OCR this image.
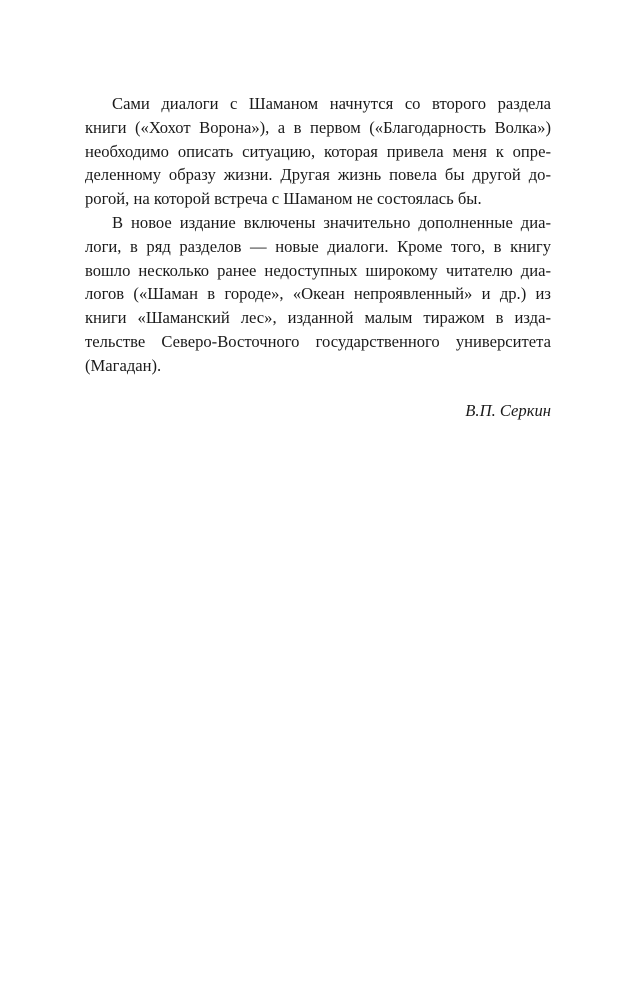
Сами диалоги с Шаманом начнутся со второго раздела
книги («Хохот Ворона»), а в первом («Благодарность Волка»)
необходимо описать ситуацию, которая привела меня к опре-
деленному образу жизни. Другая жизнь повела бы другой до-
рогой, на которой встреча с Шаманом не состоялась бы.
В новое издание включены значительно дополненные диа-
логи, в ряд разделов — новые диалоги. Кроме того, в книгу
вошло несколько ранее недоступных широкому читателю диа-
логов («Шаман в городе», «Океан непроявленный» и др.) из
книги «Шаманский лес», изданной малым тиражом в изда-
тельстве Северо-Восточного государственного университета
(Магадан).
В.П. Серкин
